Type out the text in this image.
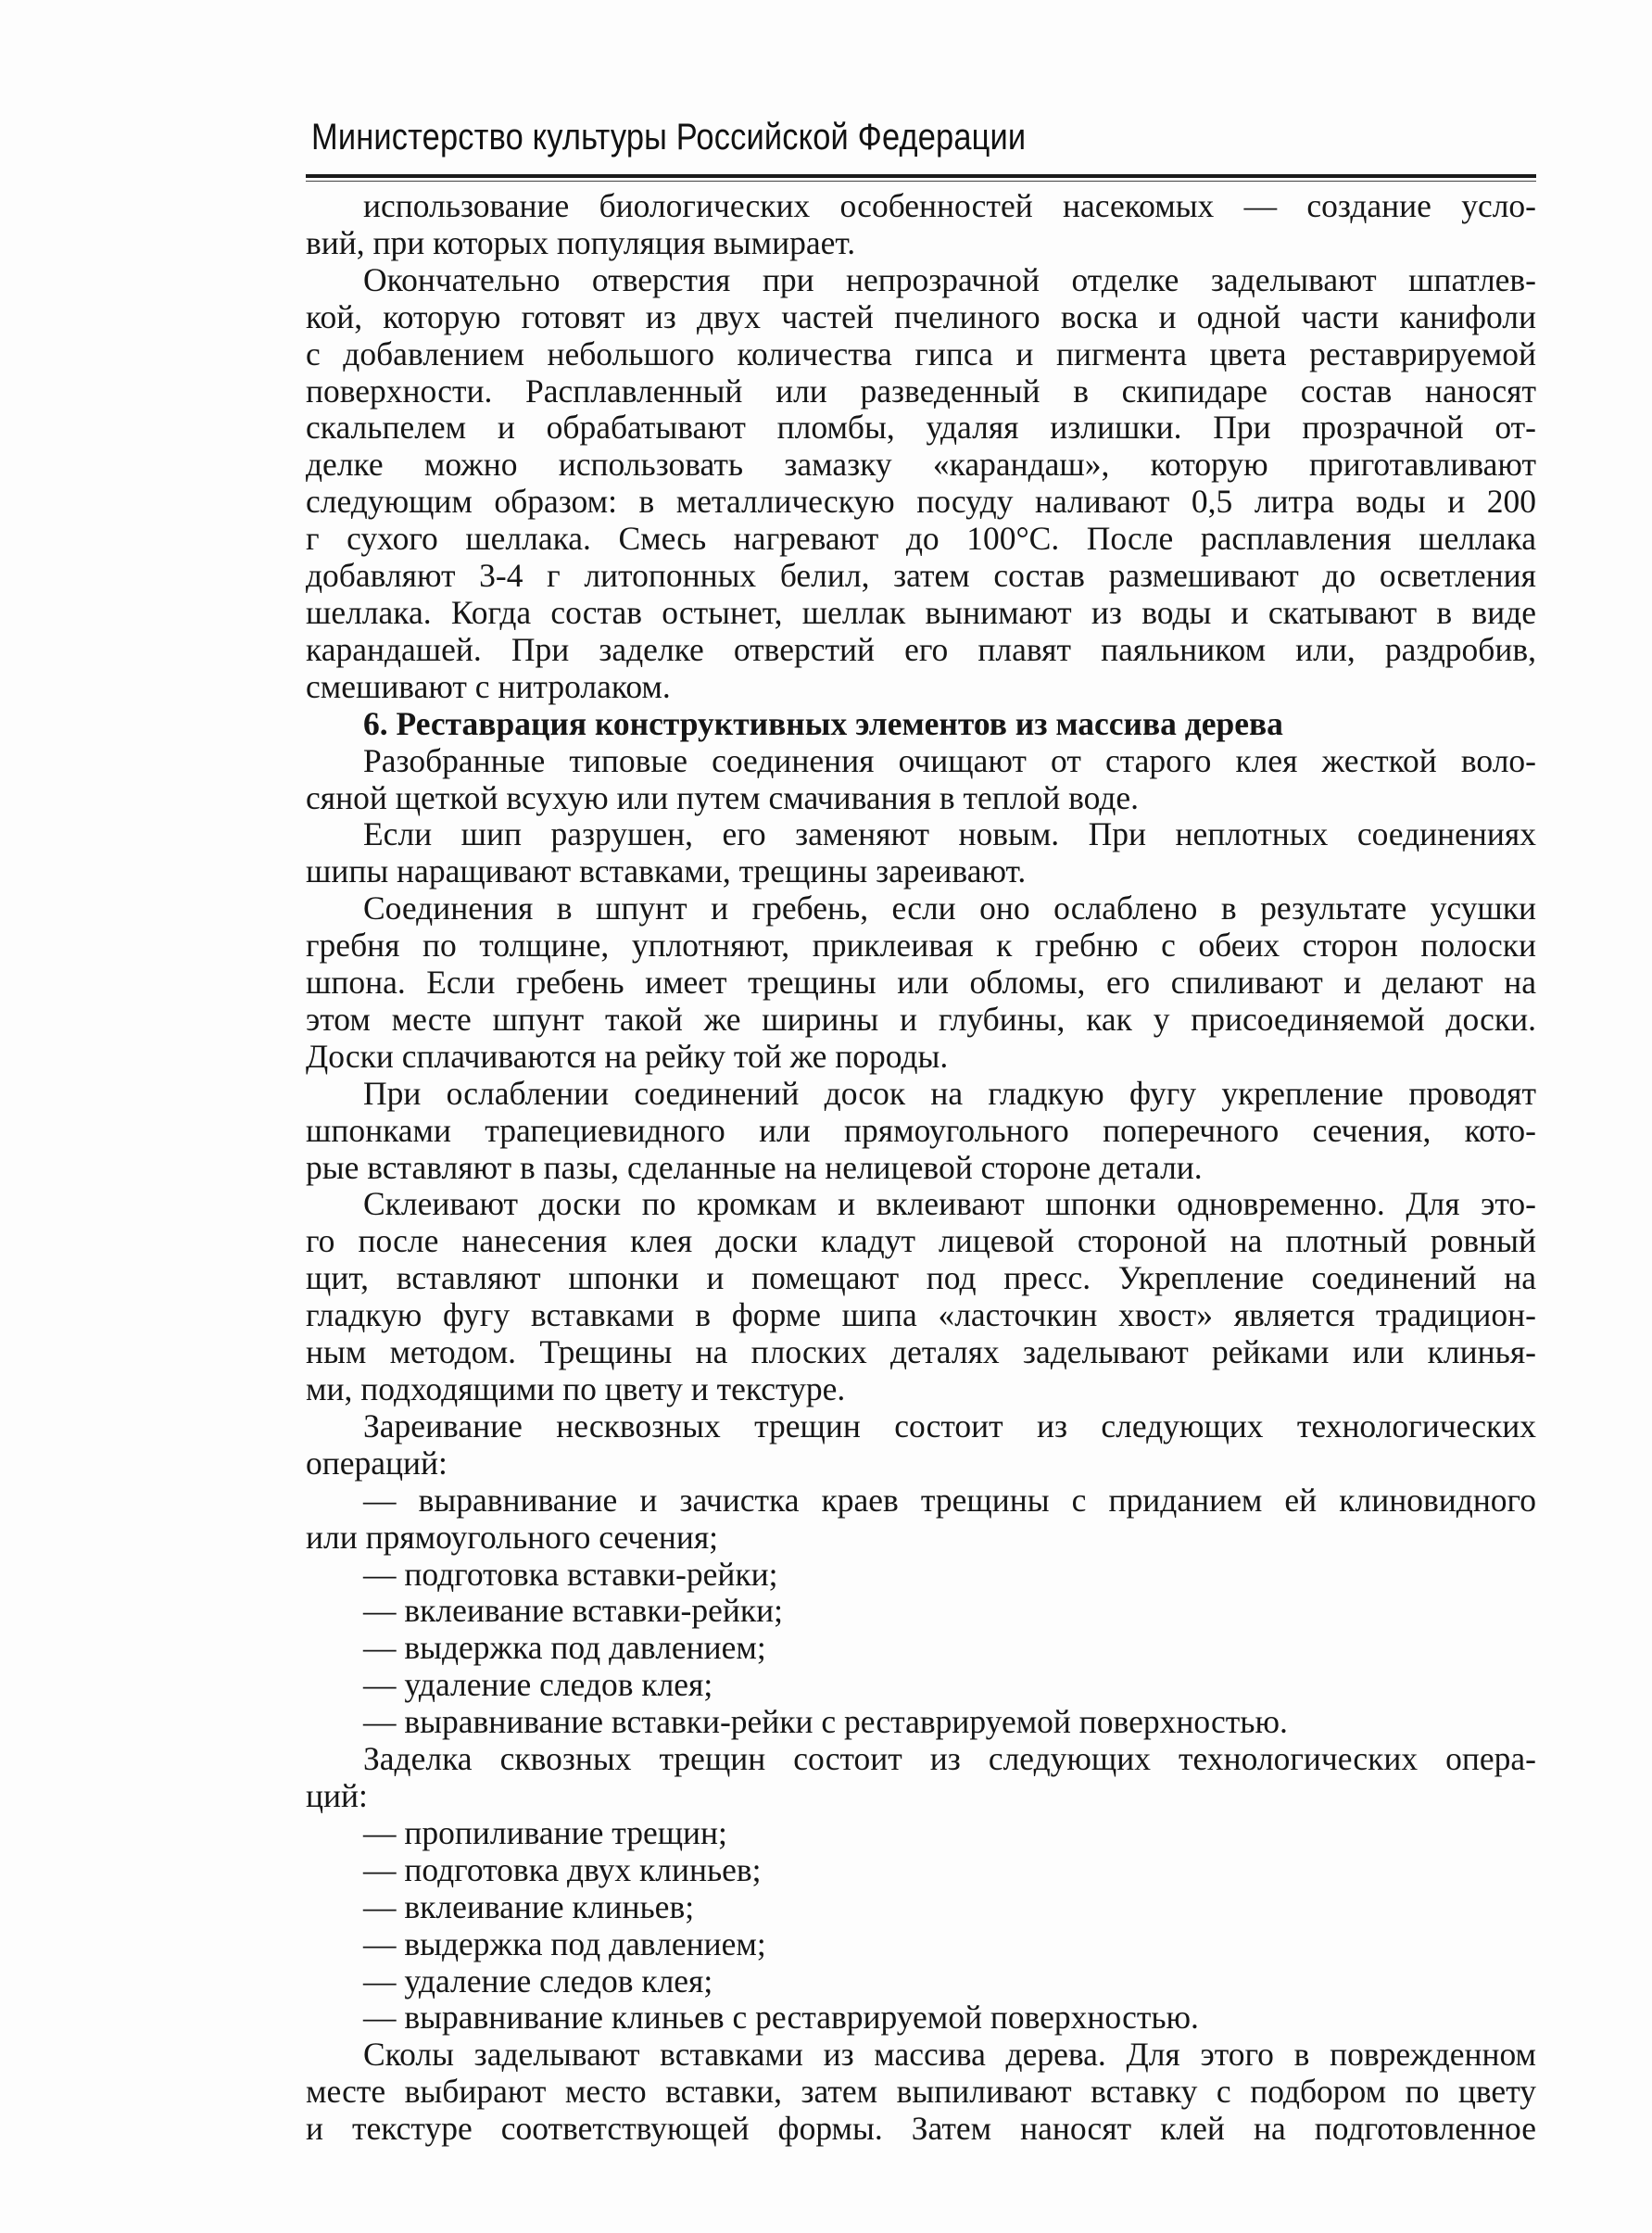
Министерство культуры Российской Федерации
использование биологических особенностей насекомых — создание усло-
вий, при которых популяция вымирает.
Окончательно отверстия при непрозрачной отделке заделывают шпатлев-
кой, которую готовят из двух частей пчелиного воска и одной части канифоли
с добавлением небольшого количества гипса и пигмента цвета реставрируемой
поверхности. Расплавленный или разведенный в скипидаре состав наносят
скальпелем и обрабатывают пломбы, удаляя излишки. При прозрачной от-
делке можно использовать замазку «карандаш», которую приготавливают
следующим образом: в металлическую посуду наливают 0,5 литра воды и 200
г сухого шеллака. Смесь нагревают до 100°С. После расплавления шеллака
добавляют 3-4 г литопонных белил, затем состав размешивают до осветления
шеллака. Когда состав остынет, шеллак вынимают из воды и скатывают в виде
карандашей. При заделке отверстий его плавят паяльником или, раздробив,
смешивают с нитролаком.
6. Реставрация конструктивных элементов из массива дерева
Разобранные типовые соединения очищают от старого клея жесткой воло-
сяной щеткой всухую или путем смачивания в теплой воде.
Если шип разрушен, его заменяют новым. При неплотных соединениях
шипы наращивают вставками, трещины зареивают.
Соединения в шпунт и гребень, если оно ослаблено в результате усушки
гребня по толщине, уплотняют, приклеивая к гребню с обеих сторон полоски
шпона. Если гребень имеет трещины или обломы, его спиливают и делают на
этом месте шпунт такой же ширины и глубины, как у присоединяемой доски.
Доски сплачиваются на рейку той же породы.
При ослаблении соединений досок на гладкую фугу укрепление проводят
шпонками трапециевидного или прямоугольного поперечного сечения, кото-
рые вставляют в пазы, сделанные на нелицевой стороне детали.
Склеивают доски по кромкам и вклеивают шпонки одновременно. Для это-
го после нанесения клея доски кладут лицевой стороной на плотный ровный
щит, вставляют шпонки и помещают под пресс. Укрепление соединений на
гладкую фугу вставками в форме шипа «ласточкин хвост» является традицион-
ным методом. Трещины на плоских деталях заделывают рейками или клинья-
ми, подходящими по цвету и текстуре.
Зареивание несквозных трещин состоит из следующих технологических
операций:
— выравнивание и зачистка краев трещины с приданием ей клиновидного
или прямоугольного сечения;
— подготовка вставки-рейки;
— вклеивание вставки-рейки;
— выдержка под давлением;
— удаление следов клея;
— выравнивание вставки-рейки с реставрируемой поверхностью.
Заделка сквозных трещин состоит из следующих технологических опера-
ций:
— пропиливание трещин;
— подготовка двух клиньев;
— вклеивание клиньев;
— выдержка под давлением;
— удаление следов клея;
— выравнивание клиньев с реставрируемой поверхностью.
Сколы заделывают вставками из массива дерева. Для этого в поврежденном
месте выбирают место вставки, затем выпиливают вставку с подбором по цвету
и текстуре соответствующей формы. Затем наносят клей на подготовленное
